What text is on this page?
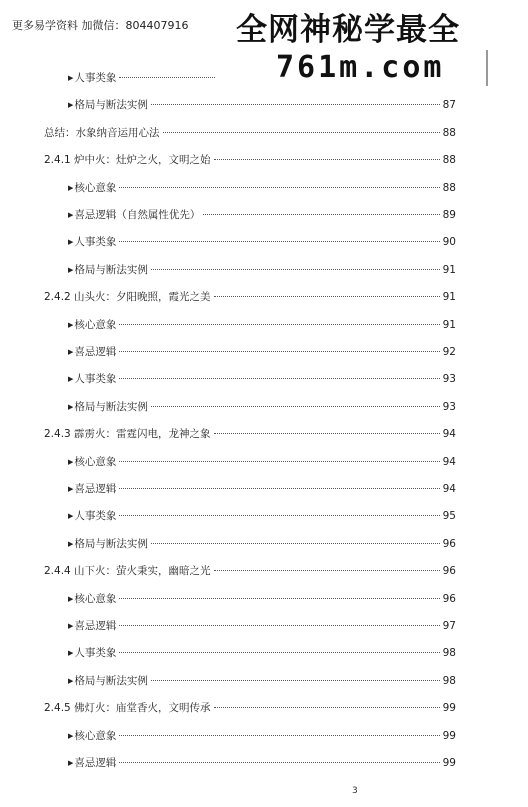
更多易学资料 加微信：804407916 全网神秘学最全
761m.com
▶ 人事类象
▶ 格局与断法实例	87
总结：水象纳音运用心法	88
2.4.1 炉中火：灶炉之火，文明之始	88
▶ 核心意象	88
▶ 喜忌逻辑（自然属性优先）	89
▶ 人事类象	90
▶ 格局与断法实例	91
2.4.2 山头火：夕阳晚照，霞光之美	91
▶ 核心意象	91
▶ 喜忌逻辑	92
▶ 人事类象	93
▶ 格局与断法实例	93
2.4.3 霹雳火：雷霆闪电，龙神之象	94
▶ 核心意象	94
▶ 喜忌逻辑	94
▶ 人事类象	95
▶ 格局与断法实例	96
2.4.4 山下火：萤火秉实，幽暗之光	96
▶ 核心意象	96
▶ 喜忌逻辑	97
▶ 人事类象	98
▶ 格局与断法实例	98
2.4.5 佛灯火：庙堂香火，文明传承	99
▶ 核心意象	99
▶ 喜忌逻辑	99
3
